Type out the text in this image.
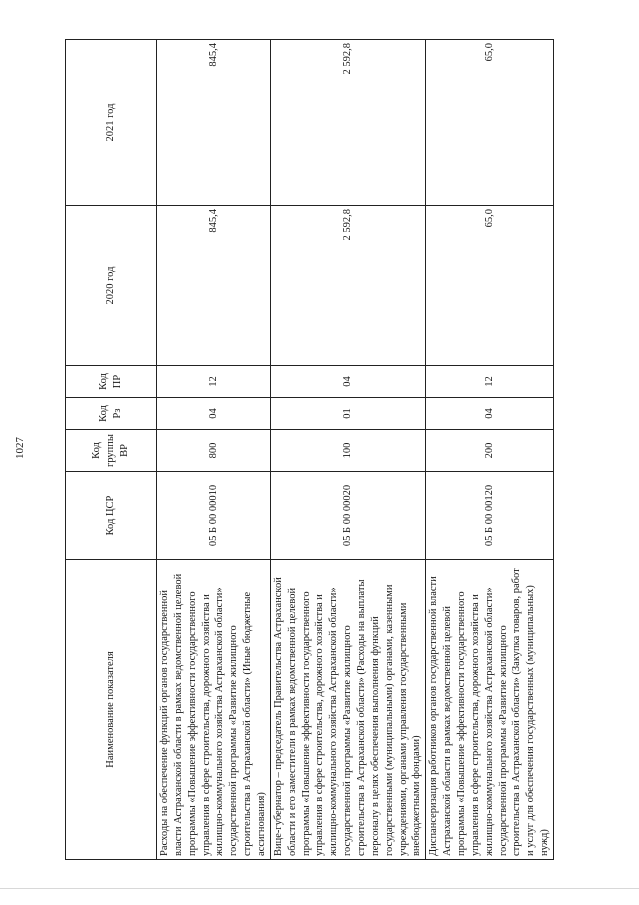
1027
Наименование показателя	Код ЦСР	Код группы ВР	Код Рз	Код ПР	2020 год	2021 год
Расходы на обеспечение функций органов государственной власти Астраханской области в рамках ведомственной целевой программы «Повышение эффективности государственного управления в сфере строительства, дорожного хозяйства и жилищно-коммунального хозяйства Астраханской области» государственной программы «Развитие жилищного строительства в Астраханской области» (Иные бюджетные ассигнования)	05 Б 00 00010	800	04	12	845,4	845,4
Вице-губернатор – председатель Правительства Астраханской области и его заместители в рамках ведомственной целевой программы «Повышение эффективности государственного управления в сфере строительства, дорожного хозяйства и жилищно-коммунального хозяйства Астраханской области» государственной программы «Развитие жилищного строительства в Астраханской области» (Расходы на выплаты персоналу в целях обеспечения выполнения функций государственными (муниципальными) органами, казенными учреждениями, органами управления государственными внебюджетными фондами)	05 Б 00 00020	100	01	04	2 592,8	2 592,8
Диспансеризация работников органов государственной власти Астраханской области в рамках ведомственной целевой программы «Повышение эффективности государственного управления в сфере строительства, дорожного хозяйства и жилищно-коммунального хозяйства Астраханской области» государственной программы «Развитие жилищного строительства в Астраханской области» (Закупка товаров, работ и услуг для обеспечения государственных (муниципальных) нужд)	05 Б 00 00120	200	04	12	65,0	65,0
